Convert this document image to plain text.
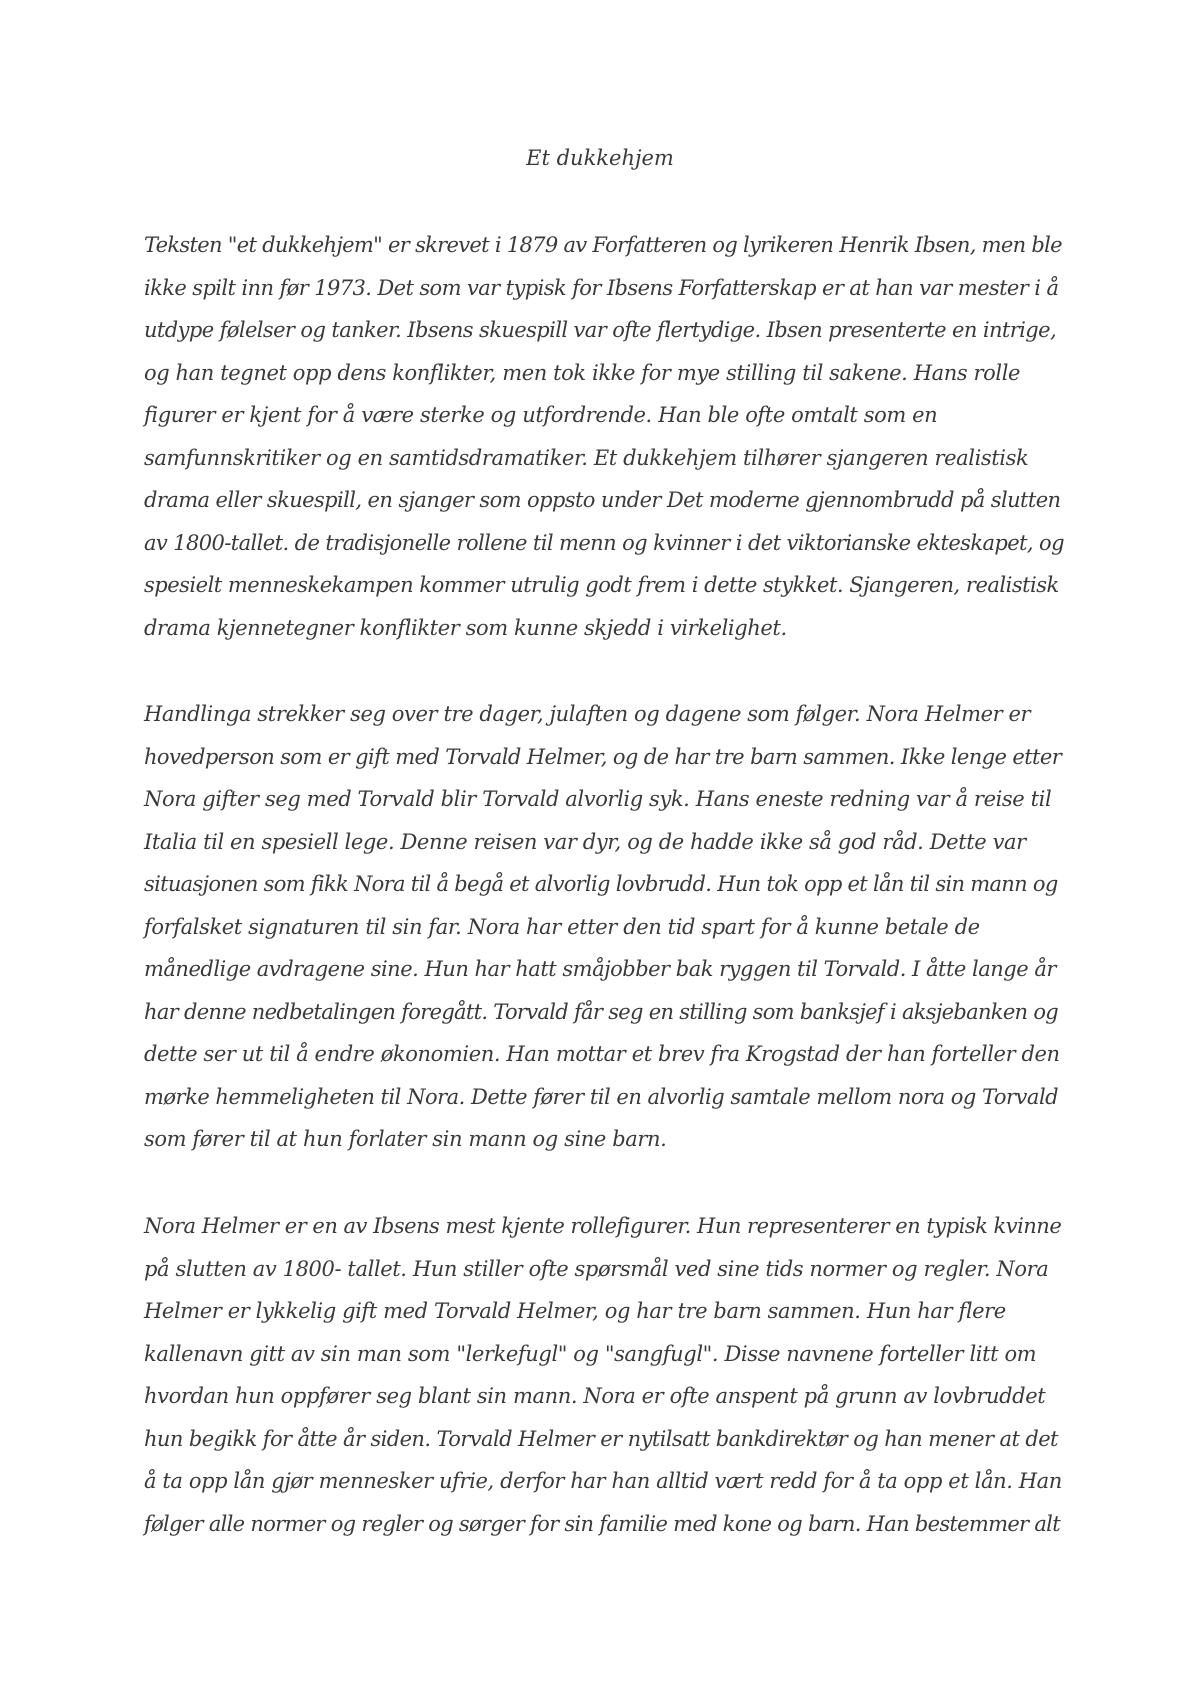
Et dukkehjem

Teksten "et dukkehjem" er skrevet i 1879 av Forfatteren og lyrikeren Henrik Ibsen, men ble
ikke spilt inn før 1973. Det som var typisk for Ibsens Forfatterskap er at han var mester i å
utdype følelser og tanker. Ibsens skuespill var ofte flertydige. Ibsen presenterte en intrige,
og han tegnet opp dens konflikter, men tok ikke for mye stilling til sakene. Hans rolle
figurer er kjent for å være sterke og utfordrende. Han ble ofte omtalt som en
samfunnskritiker og en samtidsdramatiker. Et dukkehjem tilhører sjangeren realistisk
drama eller skuespill, en sjanger som oppsto under Det moderne gjennombrudd på slutten
av 1800-tallet. de tradisjonelle rollene til menn og kvinner i det viktorianske ekteskapet, og
spesielt menneskekampen kommer utrulig godt frem i dette stykket. Sjangeren, realistisk
drama kjennetegner konflikter som kunne skjedd i virkelighet.

Handlinga strekker seg over tre dager, julaften og dagene som følger. Nora Helmer er
hovedperson som er gift med Torvald Helmer, og de har tre barn sammen. Ikke lenge etter
Nora gifter seg med Torvald blir Torvald alvorlig syk. Hans eneste redning var å reise til
Italia til en spesiell lege. Denne reisen var dyr, og de hadde ikke så god råd. Dette var
situasjonen som fikk Nora til å begå et alvorlig lovbrudd. Hun tok opp et lån til sin mann og
forfalsket signaturen til sin far. Nora har etter den tid spart for å kunne betale de
månedlige avdragene sine. Hun har hatt småjobber bak ryggen til Torvald. I åtte lange år
har denne nedbetalingen foregått. Torvald får seg en stilling som banksjef i aksjebanken og
dette ser ut til å endre økonomien. Han mottar et brev fra Krogstad der han forteller den
mørke hemmeligheten til Nora. Dette fører til en alvorlig samtale mellom nora og Torvald
som fører til at hun forlater sin mann og sine barn.

Nora Helmer er en av Ibsens mest kjente rollefigurer. Hun representerer en typisk kvinne
på slutten av 1800- tallet. Hun stiller ofte spørsmål ved sine tids normer og regler. Nora
Helmer er lykkelig gift med Torvald Helmer, og har tre barn sammen. Hun har flere
kallenavn gitt av sin man som "lerkefugl" og "sangfugl". Disse navnene forteller litt om
hvordan hun oppfører seg blant sin mann. Nora er ofte anspent på grunn av lovbruddet
hun begikk for åtte år siden. Torvald Helmer er nytilsatt bankdirektør og han mener at det
å ta opp lån gjør mennesker ufrie, derfor har han alltid vært redd for å ta opp et lån. Han
følger alle normer og regler og sørger for sin familie med kone og barn. Han bestemmer alt
